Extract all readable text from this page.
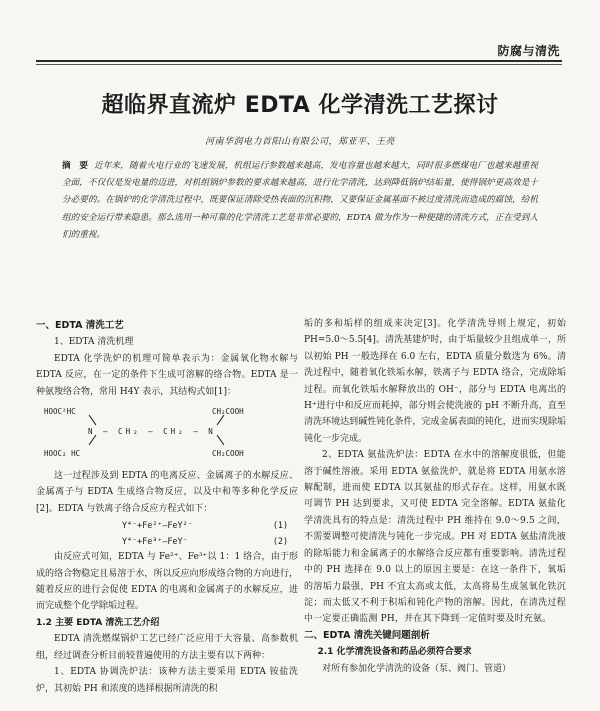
防腐与清洗
超临界直流炉 EDTA 化学清洗工艺探讨
河南华润电力首阳山有限公司，郑亚平、王亮
摘　要 近年来，随着火电行业的飞速发展，机组运行参数越来越高，发电容量也越来越大，同时很多燃煤电厂也越来越重视全面，不仅仅是发电量的迈进，对机组锅炉参数的要求越来越高，进行化学清洗，达到降低锅炉结垢量，使得锅炉更高效是十分必要的。在锅炉的化学清洗过程中，既要保证清除受热表面的沉积物，又要保证金属基面不被过度清洗而造成的腐蚀，给机组的安全运行带来隐患。那么选用一种可靠的化学清洗工艺是非常必要的，EDTA 做为作为一种便捷的清洗方式，正在受到人们的重视。

一、EDTA 清洗工艺

1、EDTA 清洗机理

EDTA 化学洗炉的机理可简单表示为：金属氧化物水解与 EDTA 反应，在一定的条件下生成可溶解的络合物。EDTA 是一种氨羧络合物，常用 H4Y 表示，其结构式如[1]：

HOOC²HC	CH₂COOH
N — CH₂ — CH₂ — N
HOOC₂ HC	CH₂COOH

这一过程涉及到 EDTA 的电离反应、金属离子的水解反应、金属离子与 EDTA 生成络合物反应，以及中和等多种化学反应[2]。EDTA 与铁离子络合反应方程式如下：

Y⁴⁻+Fe²⁺—FeY²⁻	(1)
Y⁴⁻+Fe³⁺—FeY⁻	(2)

由反应式可知，EDTA 与 Fe²⁺、Fe³⁺以 1：1 络合，由于形成的络合物稳定且易溶于水，所以反应向形成络合物的方向进行，随着反应的进行会促使 EDTA 的电离和金属离子的水解反应，进而完成整个化学除垢过程。

1.2 主要 EDTA 清洗工艺介绍

EDTA 清洗燃煤锅炉工艺已经广泛应用于大容量、高参数机组，经过调查分析目前较普遍使用的方法主要有以下两种：

1、EDTA 协调洗炉法：该种方法主要采用 EDTA 铵盐洗炉，其初始 PH 和浓度的选择根据所清洗的积

垢的多和垢样的组成来决定[3]。化学清洗导则上规定，初始 PH=5.0～5.5[4]。清洗基建炉时，由于垢量较少且组成单一，所以初始 PH 一般选择在 6.0 左右，EDTA 质量分数选为 6%。清洗过程中，随着氧化铁垢水解，铁离子与 EDTA 络合，完成除垢过程。而氧化铁垢水解释放出的 OH⁻，部分与 EDTA 电离出的 H⁺进行中和反应而耗掉，部分则会使洗液的 pH 不断升高，直至清洗环境达到碱性钝化条件，完成金属表面的钝化，进而实现除垢钝化一步完成。

2、EDTA 氨盐洗炉法：EDTA 在水中的溶解度很低，但能溶于碱性溶液。采用 EDTA 氨盐洗炉，就是将 EDTA 用氨水溶解配制，进而使 EDTA 以其氨盐的形式存在。这样，用氨水既可调节 PH 达到要求，又可使 EDTA 完全溶解。EDTA 氨盐化学清洗具有的特点是：清洗过程中 PH 维持在 9.0～9.5 之间，不需要调整可使清洗与钝化一步完成。PH 对 EDTA 氨盐清洗液的除垢能力和金属离子的水解络合反应都有重要影响。清洗过程中的 PH 选择在 9.0 以上的原因主要是：在这一条件下，氧垢的溶垢力最强，PH 不宜太高或太低，太高将易生成氢氧化铁沉淀；而太低又不利于积垢和钝化产物的溶解。因此，在清洗过程中一定要正确监测 PH，并在其下降到一定值时要及时充氨。

二、EDTA 清洗关键问题剖析

2.1 化学清洗设备和药品必须符合要求

对所有参加化学清洗的设备（泵、阀门、管道）
